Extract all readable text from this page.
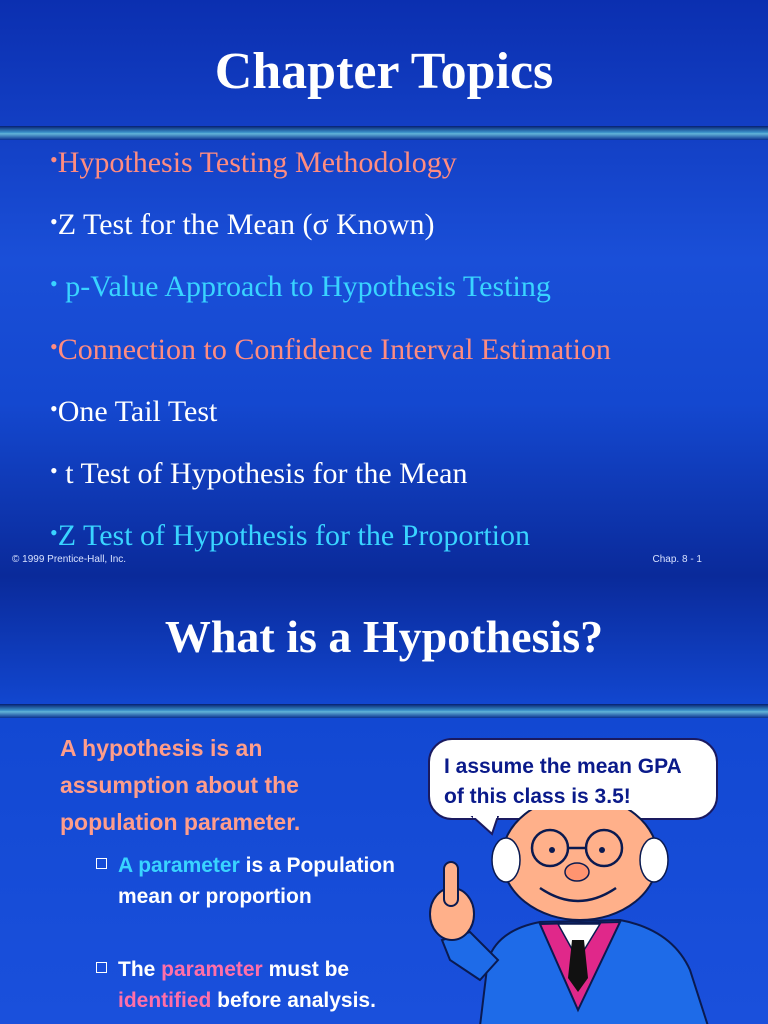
Chapter Topics
•Hypothesis Testing Methodology
•Z Test for the Mean (σ Known)
• p-Value Approach to Hypothesis Testing
•Connection to Confidence Interval Estimation
•One Tail Test
• t Test of Hypothesis for the Mean
•Z Test of Hypothesis for the Proportion
© 1999 Prentice-Hall, Inc.	Chap. 8 - 1
What is a Hypothesis?
A hypothesis is an assumption about the population parameter.
A parameter is a Population mean or proportion
The parameter must be identified before analysis.
I assume the mean GPA
of this class is 3.5!
